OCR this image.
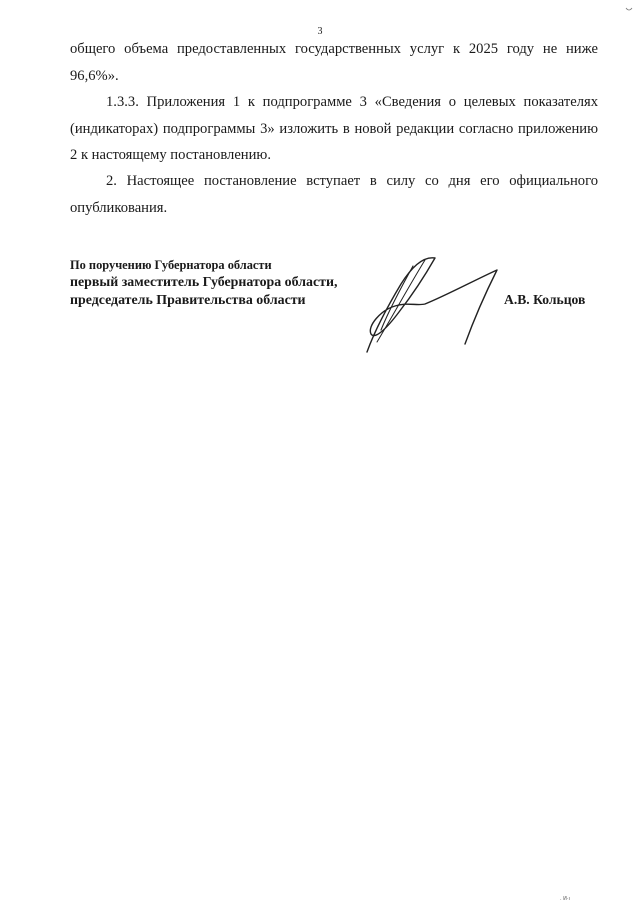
3

общего объема предоставленных государственных услуг к 2025 году не ниже 96,6%».

1.3.3. Приложения 1 к подпрограмме 3 «Сведения о целевых показателях (индикаторах) подпрограммы 3» изложить в новой редакции согласно приложению 2 к настоящему постановлению.

2. Настоящее постановление вступает в силу со дня его официального опубликования.

По поручению Губернатора области
первый заместитель Губернатора области,
председатель Правительства области	А.В. Кольцов
. И·ı
